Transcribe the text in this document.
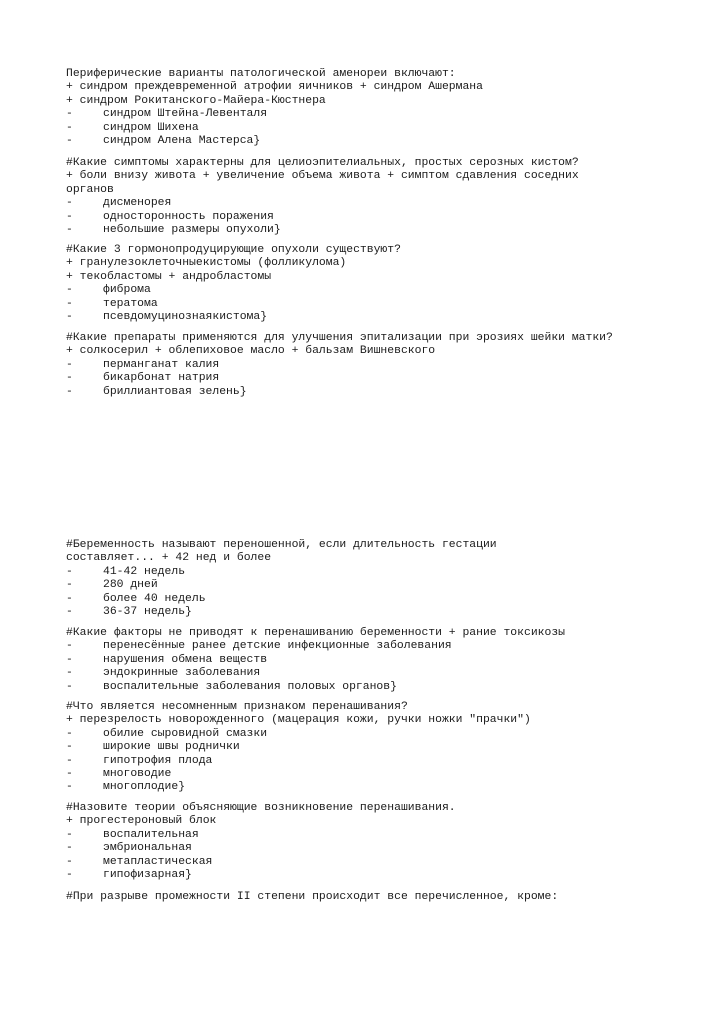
Периферические варианты патологической аменореи включают:
+ синдром преждевременной атрофии яичников + синдром Ашермана
+ синдром Рокитанского-Майера-Кюстнера
-	синдром Штейна-Левенталя
-	синдром Шихена
-	синдром Алена Мастерса}
#Какие симптомы характерны для целиоэпителиальных, простых серозных кистом?
+ боли внизу живота + увеличение объема живота + симптом сдавления соседних
органов
-	дисменорея
-	односторонность поражения
-	небольшие размеры опухоли}
#Какие 3 гормонопродуцирующие опухоли существуют?
+ гранулезоклеточныекистомы (фолликулома)
+ текобластомы + андробластомы
-	фиброма
-	тератома
-	псевдомуцинознаякистома}
#Какие препараты применяются для улучшения эпитализации при эрозиях шейки матки?
+ солкосерил + облепиховое масло + бальзам Вишневского
-	перманганат калия
-	бикарбонат натрия
-	бриллиантовая зелень}
#Беременность называют переношенной, если длительность гестации
составляет... + 42 нед и более
-	41-42 недель
-	280 дней
-	более 40 недель
-	36-37 недель}
#Какие факторы не приводят к перенашиванию беременности + рание токсикозы
-	перенесённые ранее детские инфекционные заболевания
-	нарушения обмена веществ
-	эндокринные заболевания
-	воспалительные заболевания половых органов}
#Что является несомненным признаком перенашивания?
+ перезрелость новорожденного (мацерация кожи, ручки ножки "прачки")
-	обилие сыровидной смазки
-	широкие швы роднички
-	гипотрофия плода
-	многоводие
-	многоплодие}
#Назовите теории объясняющие возникновение перенашивания.
+ прогестероновый блок
-	воспалительная
-	эмбриональная
-	метапластическая
-	гипофизарная}
#При разрыве промежности II степени происходит все перечисленное, кроме:
